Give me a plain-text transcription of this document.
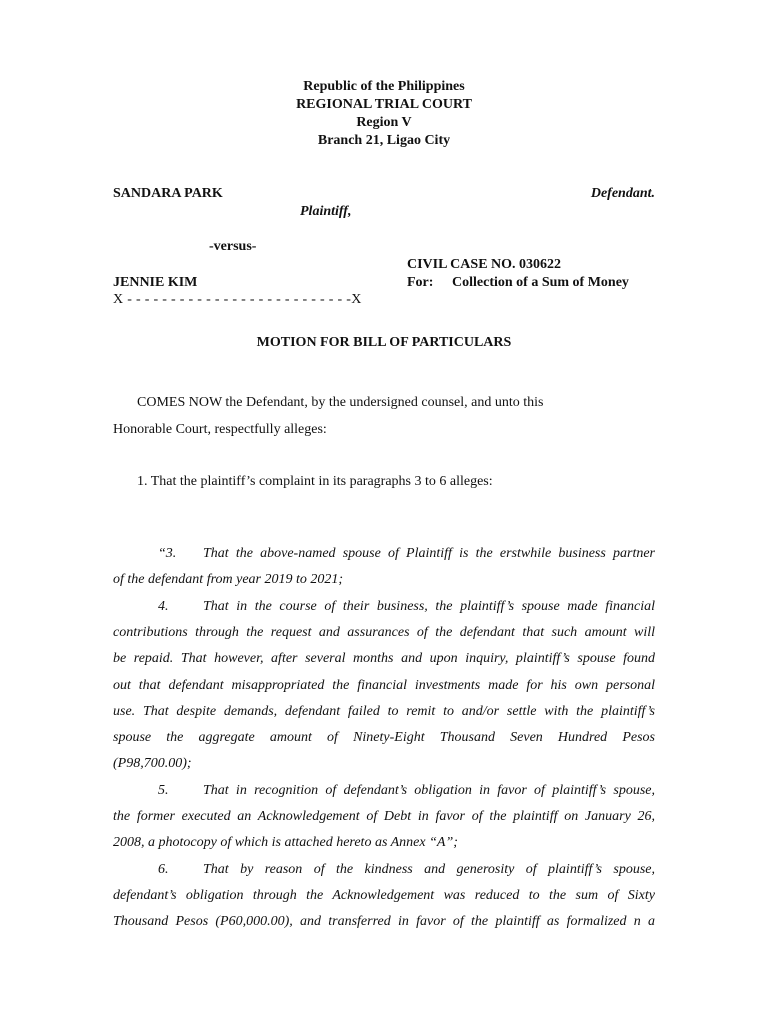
Republic of the Philippines
REGIONAL TRIAL COURT
Region V
Branch 21, Ligao City
SANDARA PARK	Defendant.
Plaintiff,
-versus-
CIVIL CASE NO. 030622
JENNIE KIM	For: Collection of a Sum of Money
X - - - - - - - - - - - - - - - - - - - - - - - - - -X
MOTION FOR BILL OF PARTICULARS
COMES NOW the Defendant, by the undersigned counsel, and unto this
Honorable Court, respectfully alleges:
1. That the plaintiff’s complaint in its paragraphs 3 to 6 alleges:
“3. That the above-named spouse of Plaintiff is the erstwhile business partner
of the defendant from year 2019 to 2021;
4. That in the course of their business, the plaintiff’s spouse made financial
contributions through the request and assurances of the defendant that such amount will
be repaid. That however, after several months and upon inquiry, plaintiff’s spouse found
out that defendant misappropriated the financial investments made for his own personal
use. That despite demands, defendant failed to remit to and/or settle with the plaintiff’s
spouse the aggregate amount of Ninety-Eight Thousand Seven Hundred Pesos
(P98,700.00);
5. That in recognition of defendant’s obligation in favor of plaintiff’s spouse,
the former executed an Acknowledgement of Debt in favor of the plaintiff on January 26,
2008, a photocopy of which is attached hereto as Annex “A”;
6. That by reason of the kindness and generosity of plaintiff’s spouse,
defendant’s obligation through the Acknowledgement was reduced to the sum of Sixty
Thousand Pesos (P60,000.00), and transferred in favor of the plaintiff as formalized n a
